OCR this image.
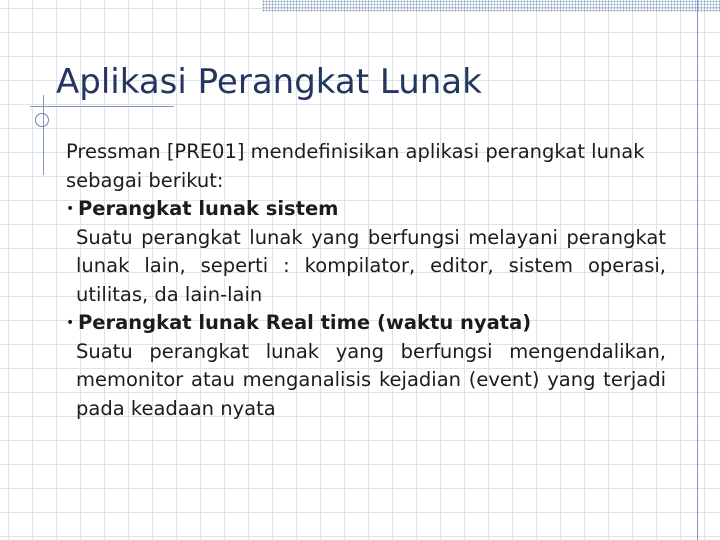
Aplikasi Perangkat Lunak

Pressman [PRE01] mendefinisikan aplikasi perangkat lunak sebagai berikut:

• Perangkat lunak sistem

Suatu perangkat lunak yang berfungsi melayani perangkat lunak lain, seperti : kompilator, editor, sistem operasi, utilitas, da lain-lain

• Perangkat lunak Real time (waktu nyata)

Suatu perangkat lunak yang berfungsi mengendalikan, memonitor atau menganalisis kejadian (event) yang terjadi pada keadaan nyata
